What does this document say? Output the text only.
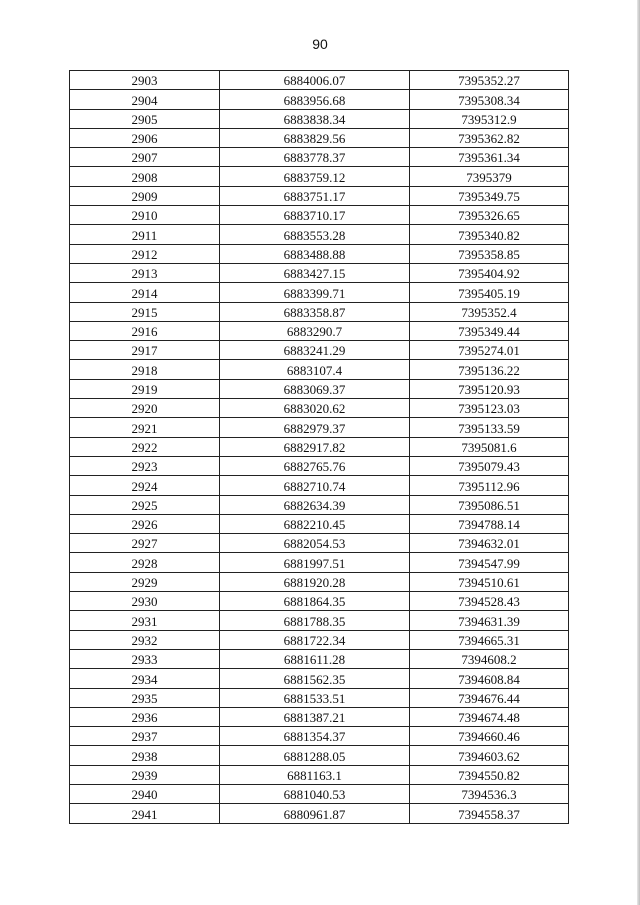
90
2903	6884006.07	7395352.27
2904	6883956.68	7395308.34
2905	6883838.34	7395312.9
2906	6883829.56	7395362.82
2907	6883778.37	7395361.34
2908	6883759.12	7395379
2909	6883751.17	7395349.75
2910	6883710.17	7395326.65
2911	6883553.28	7395340.82
2912	6883488.88	7395358.85
2913	6883427.15	7395404.92
2914	6883399.71	7395405.19
2915	6883358.87	7395352.4
2916	6883290.7	7395349.44
2917	6883241.29	7395274.01
2918	6883107.4	7395136.22
2919	6883069.37	7395120.93
2920	6883020.62	7395123.03
2921	6882979.37	7395133.59
2922	6882917.82	7395081.6
2923	6882765.76	7395079.43
2924	6882710.74	7395112.96
2925	6882634.39	7395086.51
2926	6882210.45	7394788.14
2927	6882054.53	7394632.01
2928	6881997.51	7394547.99
2929	6881920.28	7394510.61
2930	6881864.35	7394528.43
2931	6881788.35	7394631.39
2932	6881722.34	7394665.31
2933	6881611.28	7394608.2
2934	6881562.35	7394608.84
2935	6881533.51	7394676.44
2936	6881387.21	7394674.48
2937	6881354.37	7394660.46
2938	6881288.05	7394603.62
2939	6881163.1	7394550.82
2940	6881040.53	7394536.3
2941	6880961.87	7394558.37
